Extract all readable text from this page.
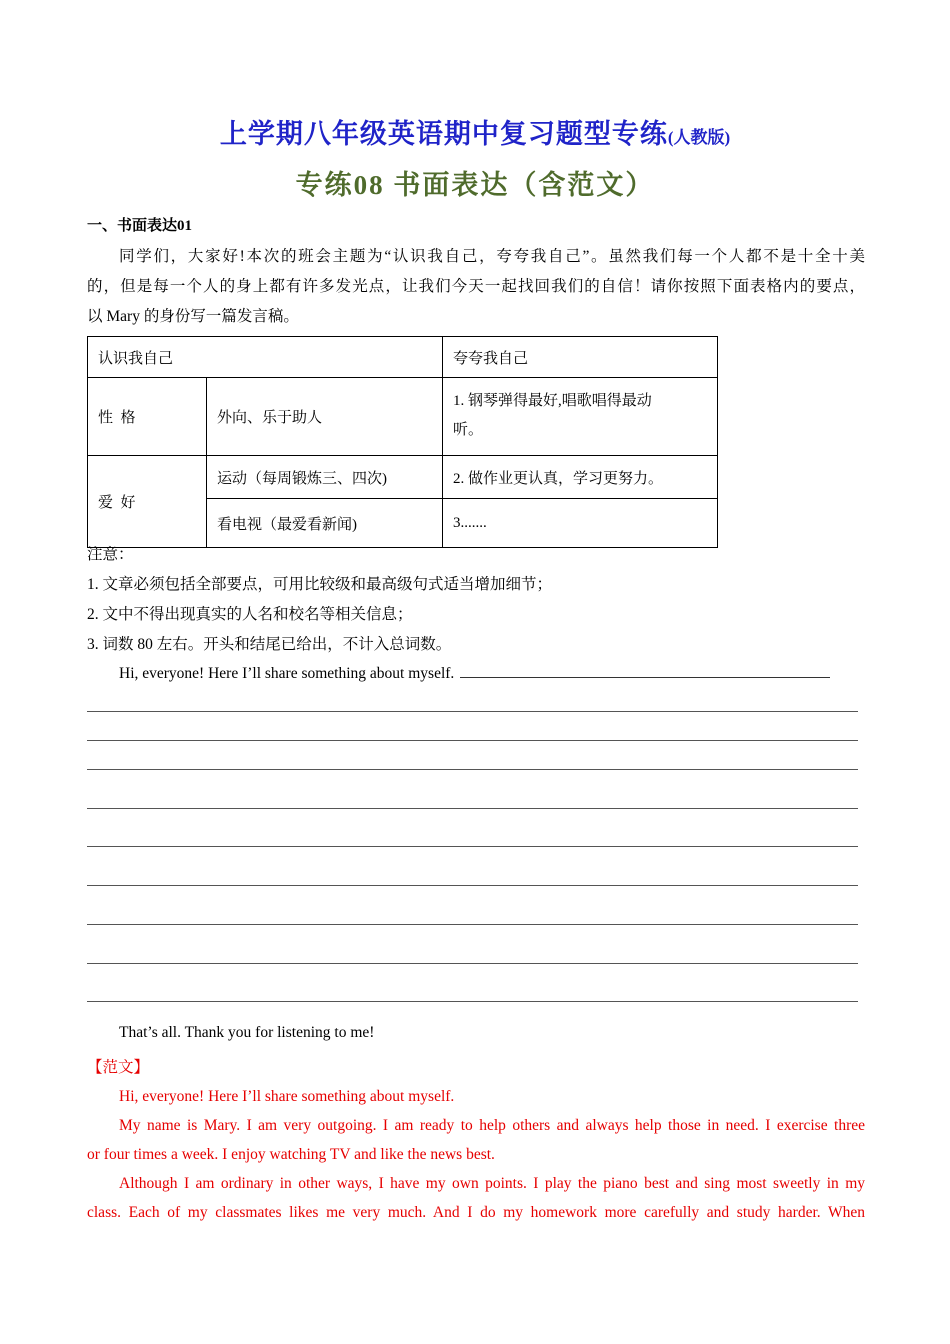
上学期八年级英语期中复习题型专练(人教版)
专练08 书面表达（含范文）
一、书面表达01
同学们，大家好!本次的班会主题为“认识我自己，夸夸我自己”。虽然我们每一个人都不是十全十美
的，但是每一个人的身上都有许多发光点，让我们今天一起找回我们的自信！请你按照下面表格内的要点，
以 Mary 的身份写一篇发言稿。
认识我自己		夸夸我自己
性  格	外向、乐于助人	1. 钢琴弹得最好,唱歌唱得最动
听。

爱  好	运动（每周锻炼三、四次)	2. 做作业更认真，学习更努力。
	看电视（最爱看新闻)	3.......
注意：
1. 文章必须包括全部要点，可用比较级和最高级句式适当增加细节；
2. 文中不得出现真实的人名和校名等相关信息；
3. 词数 80 左右。开头和结尾已给出，不计入总词数。
Hi, everyone! Here I’ll share something about myself.
That’s all. Thank you for listening to me!
【范文】
Hi, everyone! Here I’ll share something about myself.
My name is Mary. I am very outgoing. I am ready to help others and always help those in need. I exercise three
or four times a week. I enjoy watching TV and like the news best.
Although I am ordinary in other ways, I have my own points. I play the piano best and sing most sweetly in my
class. Each of my classmates likes me very much. And I do my homework more carefully and study harder. When
